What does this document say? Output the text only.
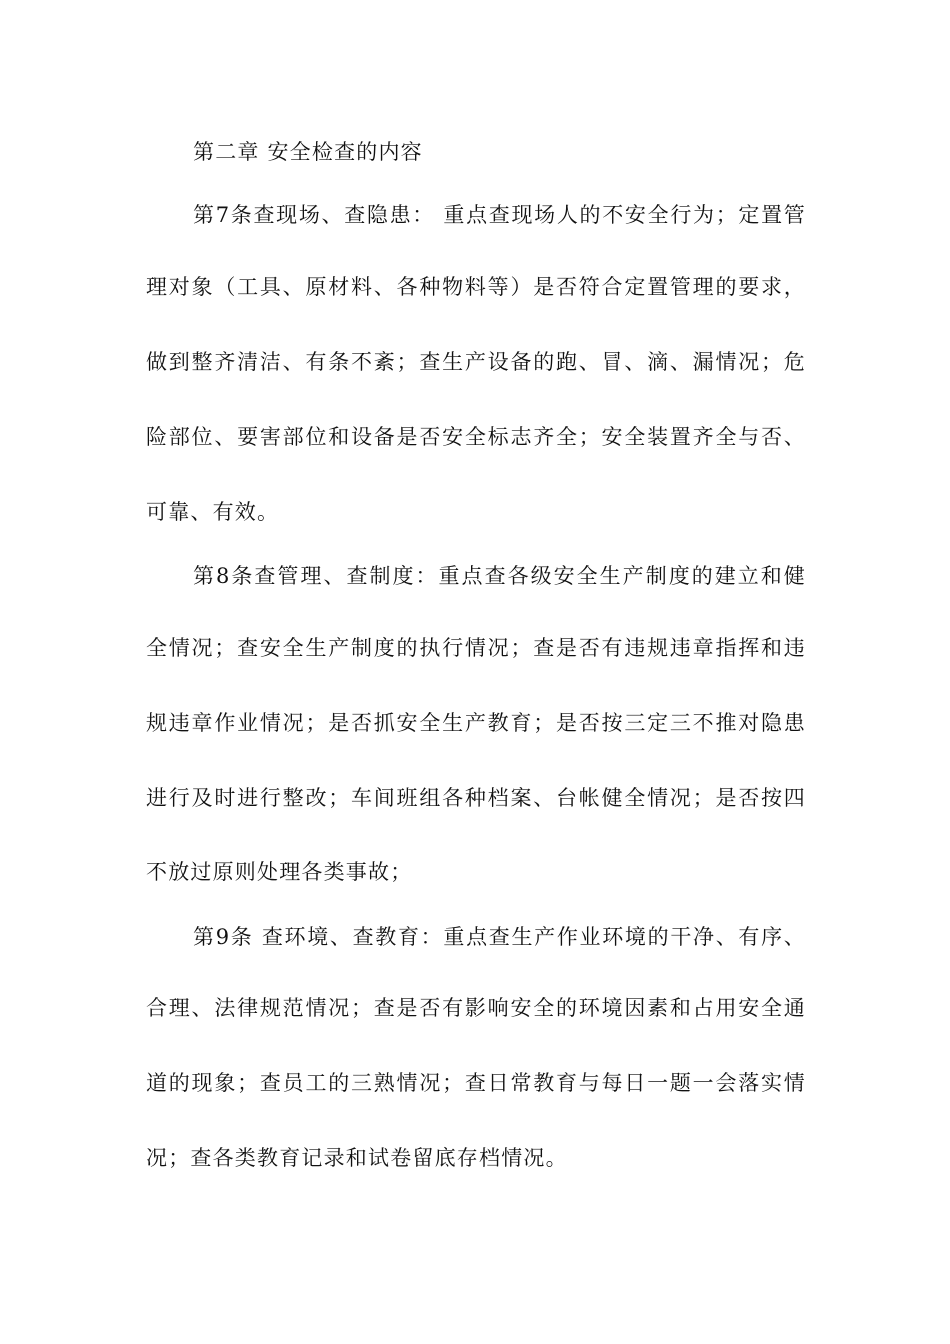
第二章 安全检查的内容
第7条查现场、查隐患： 重点查现场人的不安全行为；定置管
理对象（工具、原材料、各种物料等）是否符合定置管理的要求，
做到整齐清洁、有条不紊；查生产设备的跑、冒、滴、漏情况；危
险部位、要害部位和设备是否安全标志齐全；安全装置齐全与否、
可靠、有效。
第8条查管理、查制度：重点查各级安全生产制度的建立和健
全情况；查安全生产制度的执行情况；查是否有违规违章指挥和违
规违章作业情况；是否抓安全生产教育；是否按三定三不推对隐患
进行及时进行整改；车间班组各种档案、台帐健全情况；是否按四
不放过原则处理各类事故；
第9条 查环境、查教育：重点查生产作业环境的干净、有序、
合理、法律规范情况；查是否有影响安全的环境因素和占用安全通
道的现象；查员工的三熟情况；查日常教育与每日一题一会落实情
况；查各类教育记录和试卷留底存档情况。
